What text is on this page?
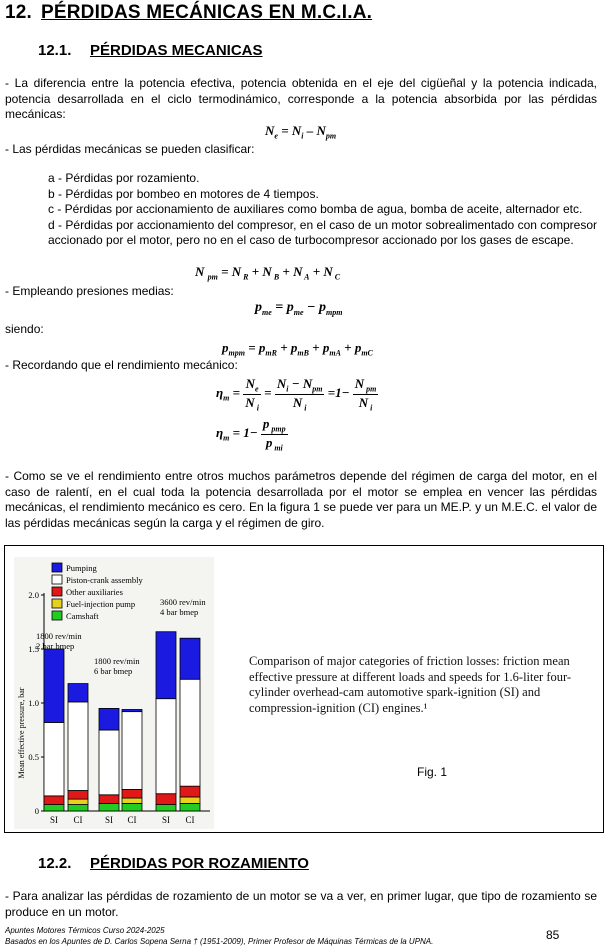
12. PÉRDIDAS MECÁNICAS EN M.C.I.A.
12.1. PÉRDIDAS MECANICAS
- La diferencia entre la potencia efectiva, potencia obtenida en el eje del cigüeñal y la potencia indicada, potencia desarrollada en el ciclo termodinámico, corresponde a la potencia absorbida por las pérdidas mecánicas:
$N_e = N_i - N_{pm}$
- Las pérdidas mecánicas se pueden clasificar:
a - Pérdidas por rozamiento.
b - Pérdidas por bombeo en motores de 4 tiempos.
c - Pérdidas por accionamiento de auxiliares como bomba de agua, bomba de aceite, alternador etc.
d - Pérdidas por accionamiento del compresor, en el caso de un motor sobrealimentado con compresor accionado por el motor, pero no en el caso de turbocompresor accionado por los gases de escape.
N $_{pm}$ = N $_R$ + N $_B$ + N $_A$ + N $_C$
- Empleando presiones medias:
$p_{me} = p_{me} - p_{mpm}$
siendo:
$p_{mpm} = p_{mR} + p_{mB} + p_{mA} + p_{mC}$
- Recordando que el rendimiento mecánico:
$\eta_m = \frac{N_e}{N _i} = \frac{N_i - N_{pm}}{N _i} =1- \frac{N _{pm}}{N _i}$
$\eta_m = 1- \frac{p _{pmp}}{p _{mi}}$
- Como se ve el rendimiento entre otros muchos parámetros depende del régimen de carga del motor, en el caso de ralentí, en el cual toda la potencia desarrollada por el motor se emplea en vencer las pérdidas mecánicas, el rendimiento mecánico es cero. En la figura 1 se puede ver para un ME.P. y un M.E.C. el valor de las pérdidas mecánicas según la carga y el régimen de giro.
0
0.5
1.0
1.5
2.0
Mean effective pressure, bar
SI CI SI CI	SI CI
1800 rev/min
2 bar bmep
1800 rev/min
6 bar bmep
3600 rev/min
4 bar bmep
Pumping
Piston-crank assembly
Other auxiliaries
Fuel-injection pump
Camshaft
Comparison of major categories of friction losses: friction mean effective pressure at different loads and speeds for 1.6-liter four-cylinder overhead-cam automotive spark-ignition (SI) and compression-ignition (CI) engines.¹
Fig. 1
12.2. PÉRDIDAS POR ROZAMIENTO
- Para analizar las pérdidas de rozamiento de un motor se va a ver, en primer lugar, que tipo de rozamiento se produce en un motor.
Apuntes Motores Térmicos Curso 2024-2025
Basados en los Apuntes de D. Carlos Sopena Serna † (1951-2009), Primer Profesor de Máquinas Térmicas de la UPNA.	85
